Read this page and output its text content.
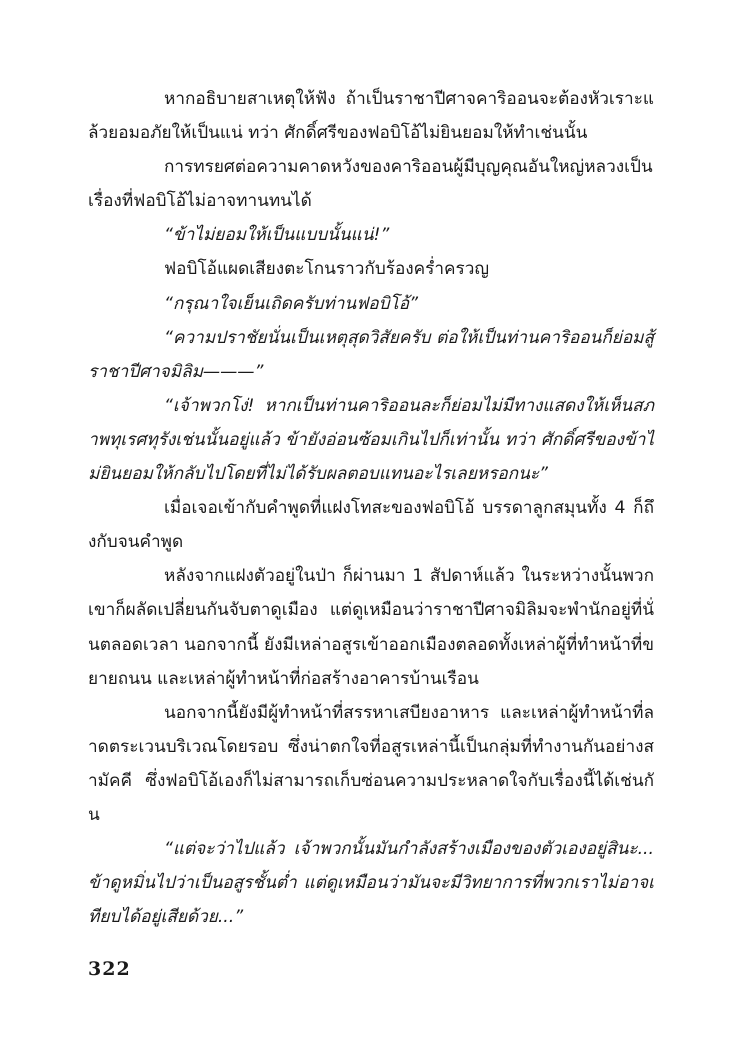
หากอธิบายสาเหตุให้ฟัง ถ้าเป็นราชาปีศาจคาริออนจะต้องหัวเราะแล้วยอมอภัยให้เป็นแน่ ทว่า ศักดิ์ศรีของฟอบิโอ้ไม่ยินยอมให้ทำเช่นนั้น

การทรยศต่อความคาดหวังของคาริออนผู้มีบุญคุณอันใหญ่หลวงเป็นเรื่องที่ฟอบิโอ้ไม่อาจทานทนได้

“ข้าไม่ยอมให้เป็นแบบนั้นแน่!”

ฟอบิโอ้แผดเสียงตะโกนราวกับร้องคร่ำครวญ

“กรุณาใจเย็นเถิดครับท่านฟอบิโอ้”

“ความปราชัยนั่นเป็นเหตุสุดวิสัยครับ ต่อให้เป็นท่านคาริออนก็ย่อมสู้ราชาปีศาจมิลิม———”

“เจ้าพวกโง่! หากเป็นท่านคาริออนละก็ย่อมไม่มีทางแสดงให้เห็นสภาพทุเรศทุรังเช่นนั้นอยู่แล้ว ข้ายังอ่อนซ้อมเกินไปก็เท่านั้น ทว่า ศักดิ์ศรีของข้าไม่ยินยอมให้กลับไปโดยที่ไม่ได้รับผลตอบแทนอะไรเลยหรอกนะ”

เมื่อเจอเข้ากับคำพูดที่แฝงโทสะของฟอบิโอ้ บรรดาลูกสมุนทั้ง 4 ก็ถึงกับจนคำพูด

หลังจากแฝงตัวอยู่ในป่า ก็ผ่านมา 1 สัปดาห์แล้ว ในระหว่างนั้นพวกเขาก็ผลัดเปลี่ยนกันจับตาดูเมือง แต่ดูเหมือนว่าราชาปีศาจมิลิมจะพำนักอยู่ที่นั่นตลอดเวลา นอกจากนี้ ยังมีเหล่าอสูรเข้าออกเมืองตลอดทั้งเหล่าผู้ที่ทำหน้าที่ขยายถนน และเหล่าผู้ทำหน้าที่ก่อสร้างอาคารบ้านเรือน

นอกจากนี้ยังมีผู้ทำหน้าที่สรรหาเสบียงอาหาร และเหล่าผู้ทำหน้าที่ลาดตระเวนบริเวณโดยรอบ ซึ่งน่าตกใจที่อสูรเหล่านี้เป็นกลุ่มที่ทำงานกันอย่างสามัคคี ซึ่งฟอบิโอ้เองก็ไม่สามารถเก็บซ่อนความประหลาดใจกับเรื่องนี้ได้เช่นกัน

“แต่จะว่าไปแล้ว เจ้าพวกนั้นมันกำลังสร้างเมืองของตัวเองอยู่สินะ... ข้าดูหมิ่นไปว่าเป็นอสูรชั้นต่ำ แต่ดูเหมือนว่ามันจะมีวิทยาการที่พวกเราไม่อาจเทียบได้อยู่เสียด้วย...”

322
